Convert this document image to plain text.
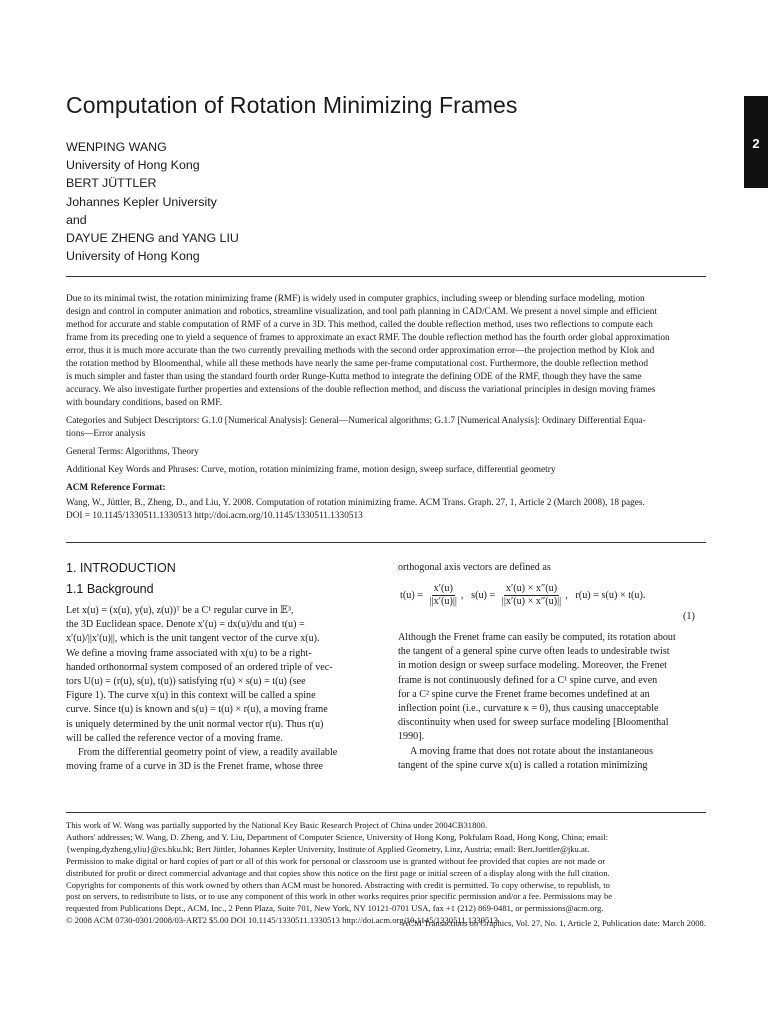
2
Computation of Rotation Minimizing Frames
WENPING WANG
University of Hong Kong
BERT JÜTTLER
Johannes Kepler University
and
DAYUE ZHENG and YANG LIU
University of Hong Kong

Due to its minimal twist, the rotation minimizing frame (RMF) is widely used in computer graphics, including sweep or blending surface modeling, motion
design and control in computer animation and robotics, streamline visualization, and tool path planning in CAD/CAM. We present a novel simple and efficient
method for accurate and stable computation of RMF of a curve in 3D. This method, called the double reflection method, uses two reflections to compute each
frame from its preceding one to yield a sequence of frames to approximate an exact RMF. The double reflection method has the fourth order global approximation
error, thus it is much more accurate than the two currently prevailing methods with the second order approximation error—the projection method by Klok and
the rotation method by Bloomenthal, while all these methods have nearly the same per-frame computational cost. Furthermore, the double reflection method
is much simpler and faster than using the standard fourth order Runge-Kutta method to integrate the defining ODE of the RMF, though they have the same
accuracy. We also investigate further properties and extensions of the double reflection method, and discuss the variational principles in design moving frames
with boundary conditions, based on RMF.

Categories and Subject Descriptors: G.1.0 [Numerical Analysis]: General—Numerical algorithms; G.1.7 [Numerical Analysis]: Ordinary Differential Equa-
tions—Error analysis

General Terms: Algorithms, Theory

Additional Key Words and Phrases: Curve, motion, rotation minimizing frame, motion design, sweep surface, differential geometry

ACM Reference Format:

Wang, W., Jüttler, B., Zheng, D., and Liu, Y. 2008. Computation of rotation minimizing frame. ACM Trans. Graph. 27, 1, Article 2 (March 2008), 18 pages.
DOI = 10.1145/1330511.1330513 http://doi.acm.org/10.1145/1330511.1330513

1. INTRODUCTION
1.1 Background
Let x(u) = (x(u), y(u), z(u))ᵀ be a C¹ regular curve in 𝔼³,
the 3D Euclidean space. Denote x′(u) = dx(u)/du and t(u) =
x′(u)/||x′(u)||, which is the unit tangent vector of the curve x(u).
We define a moving frame associated with x(u) to be a right-
handed orthonormal system composed of an ordered triple of vec-
tors U(u) = (r(u), s(u), t(u)) satisfying r(u) × s(u) = t(u) (see
Figure 1). The curve x(u) in this context will be called a spine
curve. Since t(u) is known and s(u) = t(u) × r(u), a moving frame
is uniquely determined by the unit normal vector r(u). Thus r(u)
will be called the reference vector of a moving frame.
From the differential geometry point of view, a readily available
moving frame of a curve in 3D is the Frenet frame, whose three
orthogonal axis vectors are defined as
$t(u) = \frac{x'(u)}{||x'(u)||}$ ,   $s(u) = \frac{x'(u) \times x''(u)}{||x'(u) \times x''(u)||}$ ,   r(u) = s(u) × t(u).
(1)
Although the Frenet frame can easily be computed, its rotation about
the tangent of a general spine curve often leads to undesirable twist
in motion design or sweep surface modeling. Moreover, the Frenet
frame is not continuously defined for a C¹ spine curve, and even
for a C² spine curve the Frenet frame becomes undefined at an
inflection point (i.e., curvature κ = 0), thus causing unacceptable
discontinuity when used for sweep surface modeling [Bloomenthal
1990].
A moving frame that does not rotate about the instantaneous
tangent of the spine curve x(u) is called a rotation minimizing
This work of W. Wang was partially supported by the National Key Basic Research Project of China under 2004CB31800.
Authors' addresses; W. Wang, D. Zheng, and Y. Liu, Department of Computer Science, University of Hong Kong, Pokfulam Road, Hong Kong, China; email:
{wenping,dyzheng,yliu}@cs.hku.hk; Bert Jüttler, Johannes Kepler University, Institute of Applied Geometry, Linz, Austria; email: Bert.Juettler@jku.at.
Permission to make digital or hard copies of part or all of this work for personal or classroom use is granted without fee provided that copies are not made or
distributed for profit or direct commercial advantage and that copies show this notice on the first page or initial screen of a display along with the full citation.
Copyrights for components of this work owned by others than ACM must be honored. Abstracting with credit is permitted. To copy otherwise, to republish, to
post on servers, to redistribute to lists, or to use any component of this work in other works requires prior specific permission and/or a fee. Permissions may be
requested from Publications Dept., ACM, Inc., 2 Penn Plaza, Suite 701, New York, NY 10121-0701 USA, fax +1 (212) 869-0481, or permissions@acm.org.
© 2008 ACM 0730-0301/2008/03-ART2 $5.00 DOI 10.1145/1330511.1330513 http://doi.acm.org/10.1145/1330511.1330513
ACM Transactions on Graphics, Vol. 27, No. 1, Article 2, Publication date: March 2008.
